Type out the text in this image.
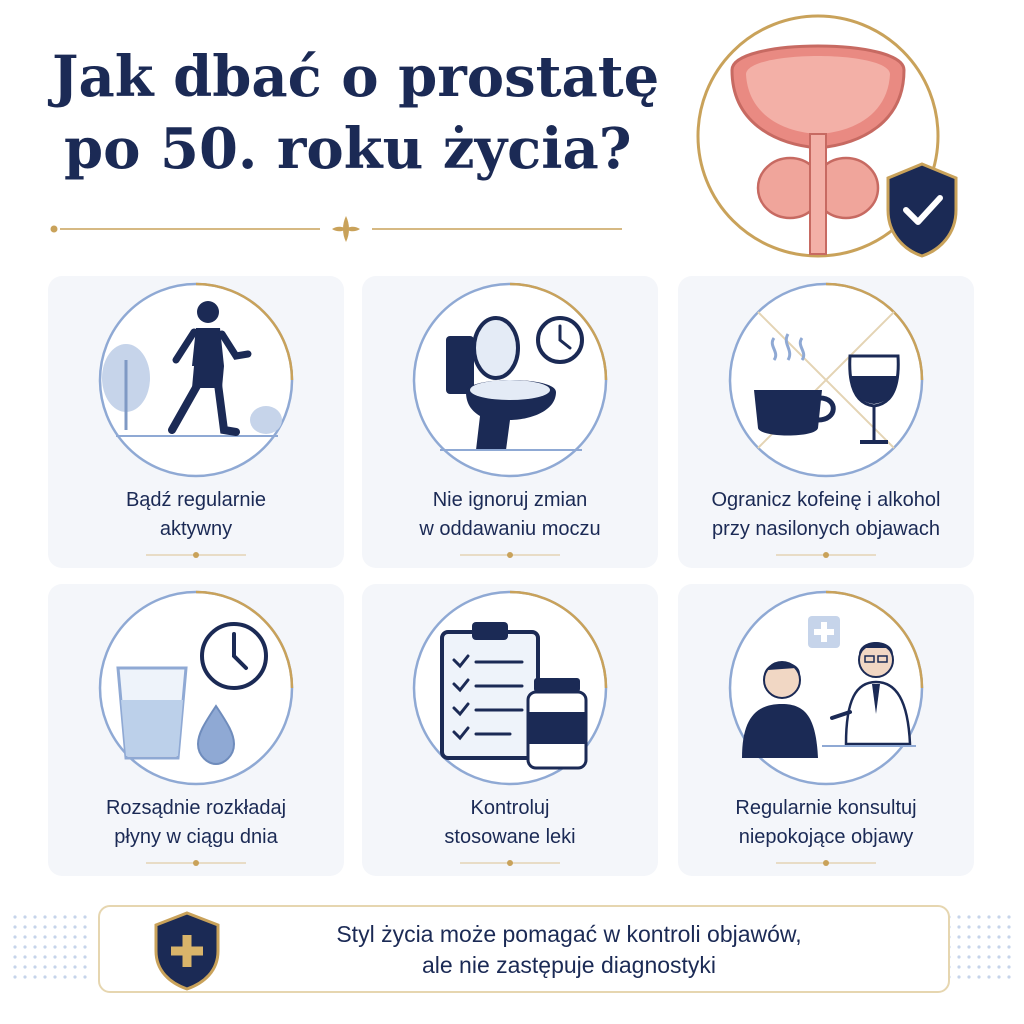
Jak dbać o prostatę
po 50. roku życia?
Bądź regularnie
aktywny
Nie ignoruj zmian
w oddawaniu moczu
Ogranicz kofeinę i alkohol
przy nasilonych objawach
Rozsądnie rozkładaj
płyny w ciągu dnia
Kontroluj
stosowane leki
Regularnie konsultuj
niepokojące objawy
Styl życia może pomagać w kontroli objawów,
ale nie zastępuje diagnostyki
